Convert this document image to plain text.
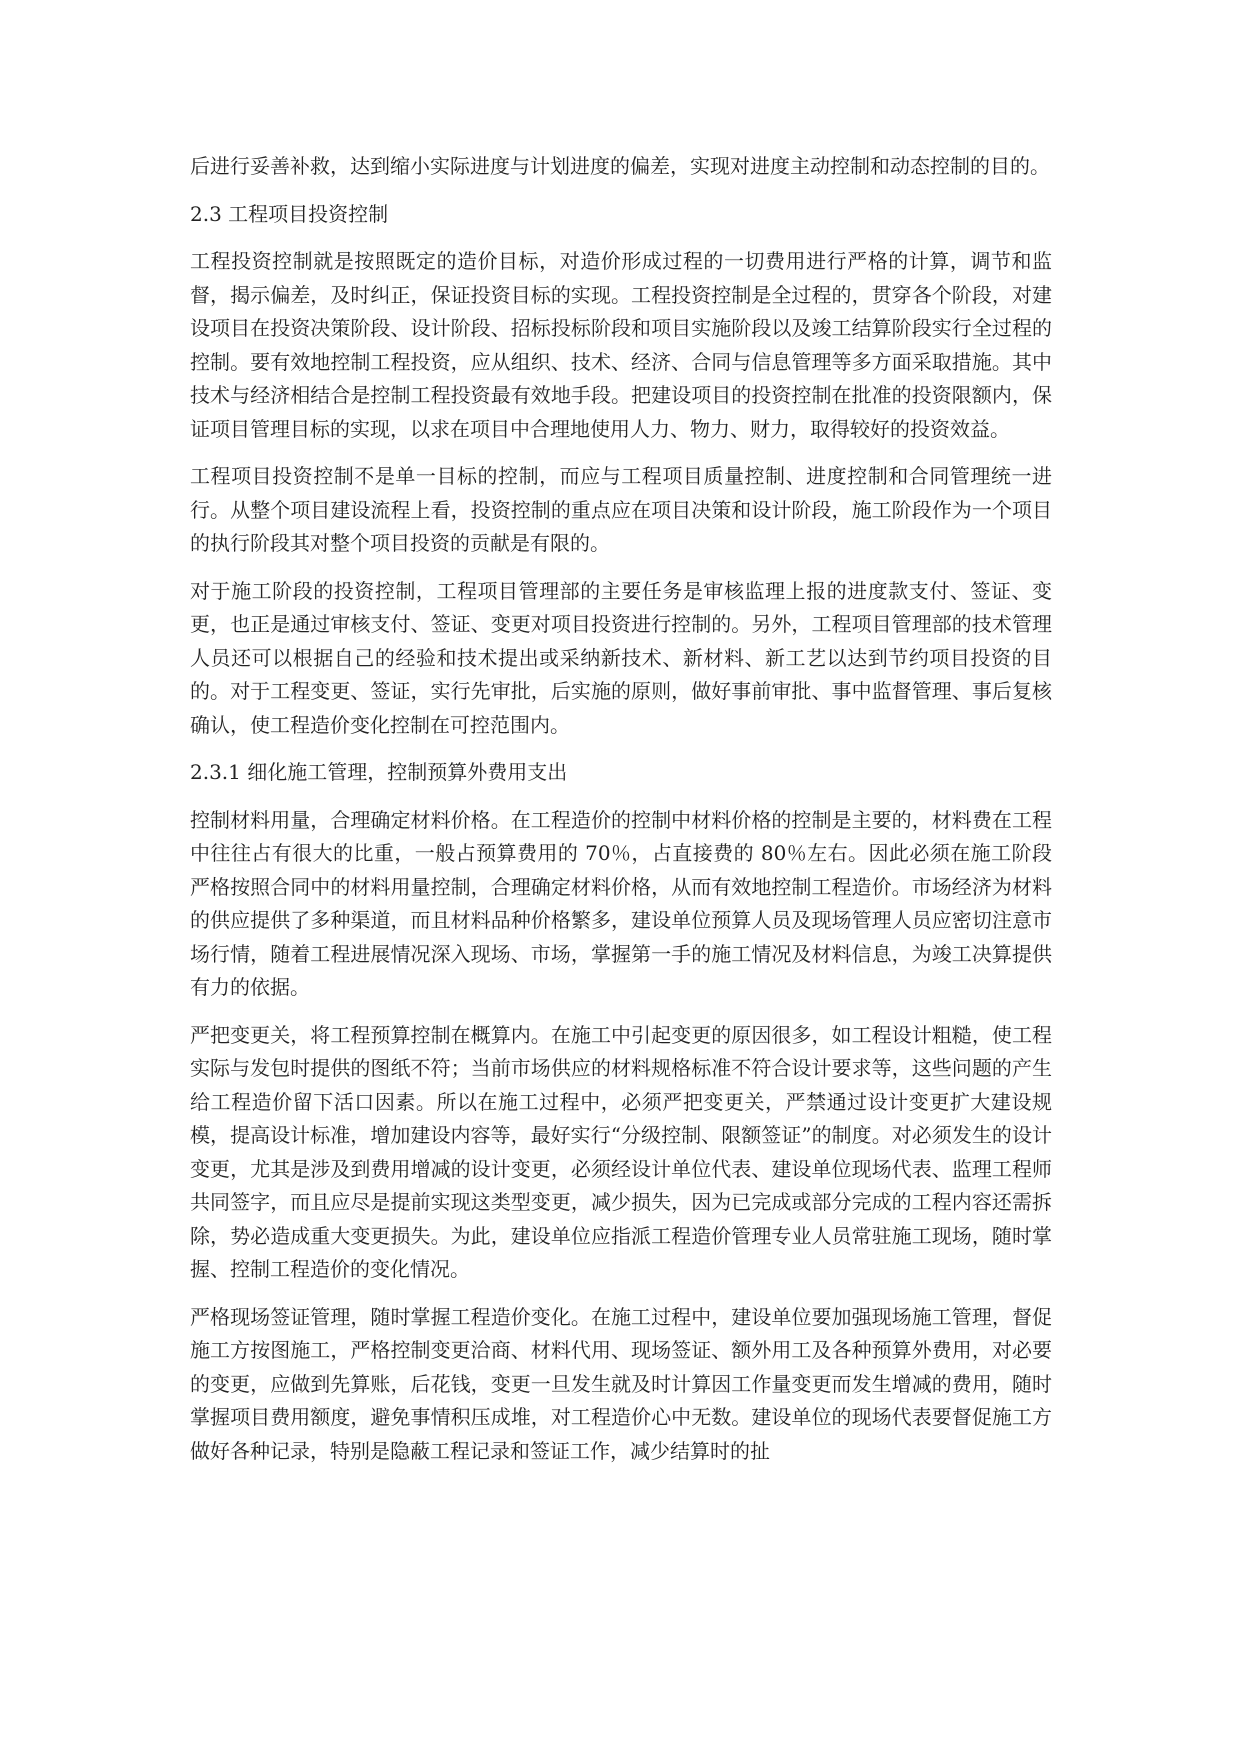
后进行妥善补救，达到缩小实际进度与计划进度的偏差，实现对进度主动控制和动态控制的目的。

2.3 工程项目投资控制

工程投资控制就是按照既定的造价目标，对造价形成过程的一切费用进行严格的计算，调节和监督，揭示偏差，及时纠正，保证投资目标的实现。工程投资控制是全过程的，贯穿各个阶段，对建设项目在投资决策阶段、设计阶段、招标投标阶段和项目实施阶段以及竣工结算阶段实行全过程的控制。要有效地控制工程投资，应从组织、技术、经济、合同与信息管理等多方面采取措施。其中技术与经济相结合是控制工程投资最有效地手段。把建设项目的投资控制在批准的投资限额内，保证项目管理目标的实现，以求在项目中合理地使用人力、物力、财力，取得较好的投资效益。

工程项目投资控制不是单一目标的控制，而应与工程项目质量控制、进度控制和合同管理统一进行。从整个项目建设流程上看，投资控制的重点应在项目决策和设计阶段，施工阶段作为一个项目的执行阶段其对整个项目投资的贡献是有限的。

对于施工阶段的投资控制，工程项目管理部的主要任务是审核监理上报的进度款支付、签证、变更，也正是通过审核支付、签证、变更对项目投资进行控制的。另外，工程项目管理部的技术管理人员还可以根据自己的经验和技术提出或采纳新技术、新材料、新工艺以达到节约项目投资的目的。对于工程变更、签证，实行先审批，后实施的原则，做好事前审批、事中监督管理、事后复核确认，使工程造价变化控制在可控范围内。

2.3.1 细化施工管理，控制预算外费用支出

控制材料用量，合理确定材料价格。在工程造价的控制中材料价格的控制是主要的，材料费在工程中往往占有很大的比重，一般占预算费用的 70％，占直接费的 80％左右。因此必须在施工阶段严格按照合同中的材料用量控制，合理确定材料价格，从而有效地控制工程造价。市场经济为材料的供应提供了多种渠道，而且材料品种价格繁多，建设单位预算人员及现场管理人员应密切注意市场行情，随着工程进展情况深入现场、市场，掌握第一手的施工情况及材料信息，为竣工决算提供有力的依据。

严把变更关，将工程预算控制在概算内。在施工中引起变更的原因很多，如工程设计粗糙，使工程实际与发包时提供的图纸不符；当前市场供应的材料规格标准不符合设计要求等，这些问题的产生给工程造价留下活口因素。所以在施工过程中，必须严把变更关，严禁通过设计变更扩大建设规模，提高设计标准，增加建设内容等，最好实行“分级控制、限额签证”的制度。对必须发生的设计变更，尤其是涉及到费用增减的设计变更，必须经设计单位代表、建设单位现场代表、监理工程师共同签字，而且应尽是提前实现这类型变更，减少损失，因为已完成或部分完成的工程内容还需拆除，势必造成重大变更损失。为此，建设单位应指派工程造价管理专业人员常驻施工现场，随时掌握、控制工程造价的变化情况。

严格现场签证管理，随时掌握工程造价变化。在施工过程中，建设单位要加强现场施工管理，督促施工方按图施工，严格控制变更洽商、材料代用、现场签证、额外用工及各种预算外费用，对必要的变更，应做到先算账，后花钱，变更一旦发生就及时计算因工作量变更而发生增减的费用，随时掌握项目费用额度，避免事情积压成堆，对工程造价心中无数。建设单位的现场代表要督促施工方做好各种记录，特别是隐蔽工程记录和签证工作，减少结算时的扯
